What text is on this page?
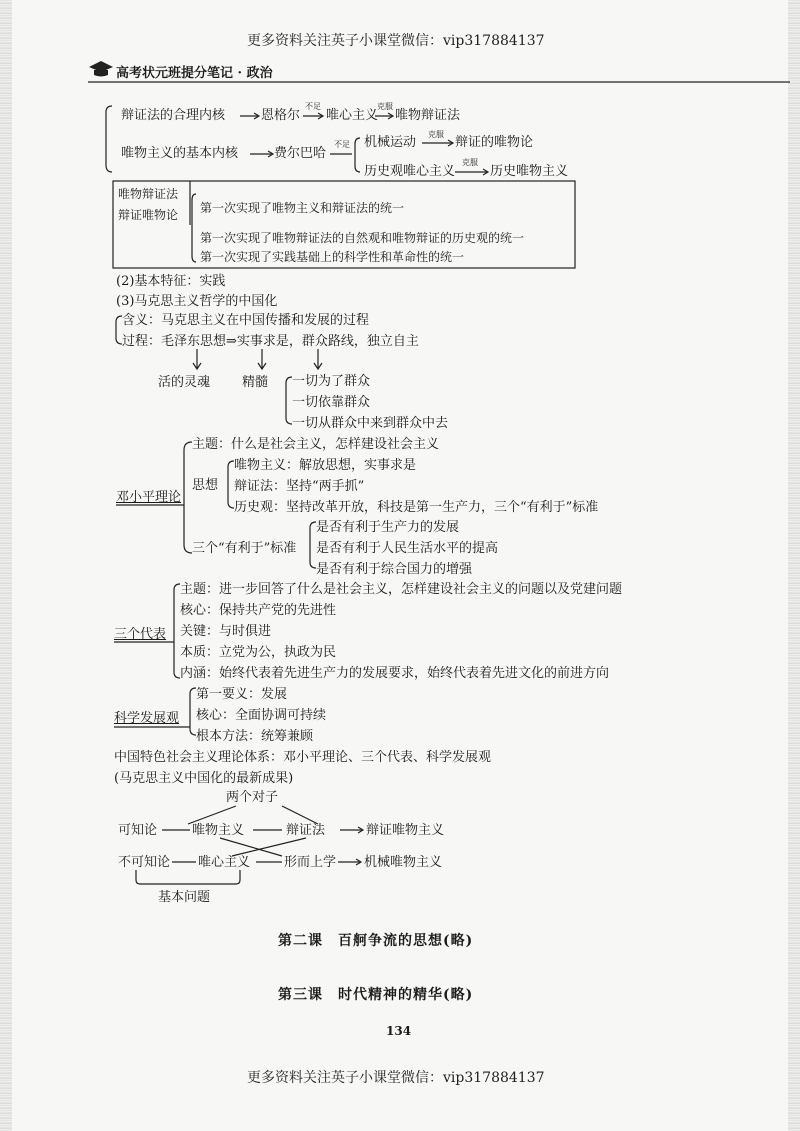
更多资料关注英子小课堂微信：vip317884137
高考状元班提分笔记 · 政治
辩证法的合理内核	恩格尔
不足
唯心主义
克服
唯物辩证法
唯物主义的基本内核	费尔巴哈
不足 机械运动
克服
辩证的唯物论
历史观唯心主义
克服
历史唯物主义
唯物辩证法
辩证唯物论 第一次实现了唯物主义和辩证法的统一
第一次实现了唯物辩证法的自然观和唯物辩证的历史观的统一
第一次实现了实践基础上的科学性和革命性的统一
(2)基本特征：实践
(3)马克思主义哲学的中国化
含义：马克思主义在中国传播和发展的过程
过程：毛泽东思想⇒实事求是，群众路线，独立自主
活的灵魂 精髓 一切为了群众
一切依靠群众
一切从群众中来到群众中去
邓小平理论
主题：什么是社会主义，怎样建设社会主义
思想
唯物主义：解放思想，实事求是
辩证法：坚持“两手抓”
历史观：坚持改革开放，科技是第一生产力，三个“有利于”标准
三个“有利于”标准
是否有利于生产力的发展
是否有利于人民生活水平的提高
是否有利于综合国力的增强
三个代表
主题：进一步回答了什么是社会主义，怎样建设社会主义的问题以及党建问题
核心：保持共产党的先进性
关键：与时俱进
本质：立党为公，执政为民
内涵：始终代表着先进生产力的发展要求，始终代表着先进文化的前进方向
科学发展观
第一要义：发展
核心：全面协调可持续
根本方法：统筹兼顾
中国特色社会主义理论体系：邓小平理论、三个代表、科学发展观
(马克思主义中国化的最新成果)
两个对子
可知论	唯物主义	辩证法	辩证唯物主义
不可知论 唯心主义	形而上学 机械唯物主义
基本问题
第二课　百舸争流的思想(略)
第三课　时代精神的精华(略)
134
更多资料关注英子小课堂微信：vip317884137
